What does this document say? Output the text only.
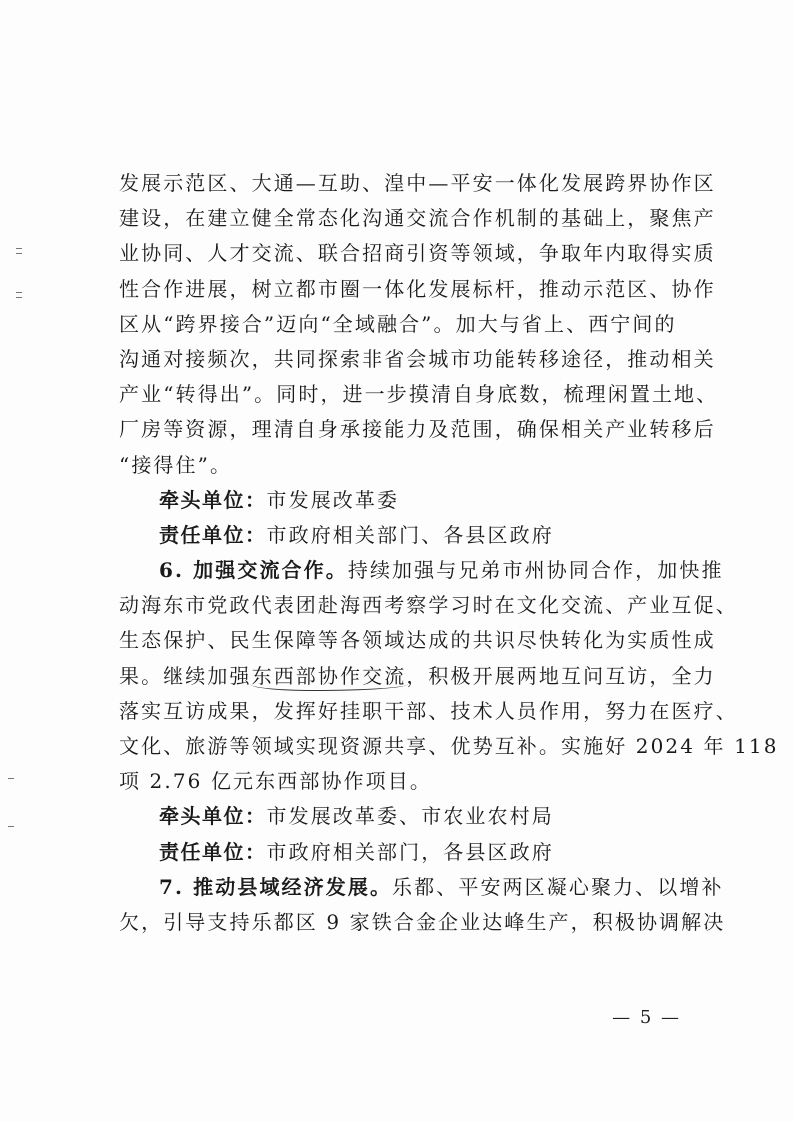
发展示范区、大通—互助、湟中—平安一体化发展跨界协作区
建设，在建立健全常态化沟通交流合作机制的基础上，聚焦产
业协同、人才交流、联合招商引资等领域，争取年内取得实质
性合作进展，树立都市圈一体化发展标杆，推动示范区、协作
区从“跨界接合”迈向“全域融合”。加大与省上、西宁间的
沟通对接频次，共同探索非省会城市功能转移途径，推动相关
产业“转得出”。同时，进一步摸清自身底数，梳理闲置土地、
厂房等资源，理清自身承接能力及范围，确保相关产业转移后
“接得住”。
牵头单位：市发展改革委
责任单位：市政府相关部门、各县区政府
6. 加强交流合作。持续加强与兄弟市州协同合作，加快推
动海东市党政代表团赴海西考察学习时在文化交流、产业互促、
生态保护、民生保障等各领域达成的共识尽快转化为实质性成
果。继续加强东西部协作交流，积极开展两地互问互访，全力
落实互访成果，发挥好挂职干部、技术人员作用，努力在医疗、
文化、旅游等领域实现资源共享、优势互补。实施好 2024 年 118
项 2.76 亿元东西部协作项目。
牵头单位：市发展改革委、市农业农村局
责任单位：市政府相关部门，各县区政府
7. 推动县域经济发展。乐都、平安两区凝心聚力、以增补
欠，引导支持乐都区 9 家铁合金企业达峰生产，积极协调解决
— 5 —
